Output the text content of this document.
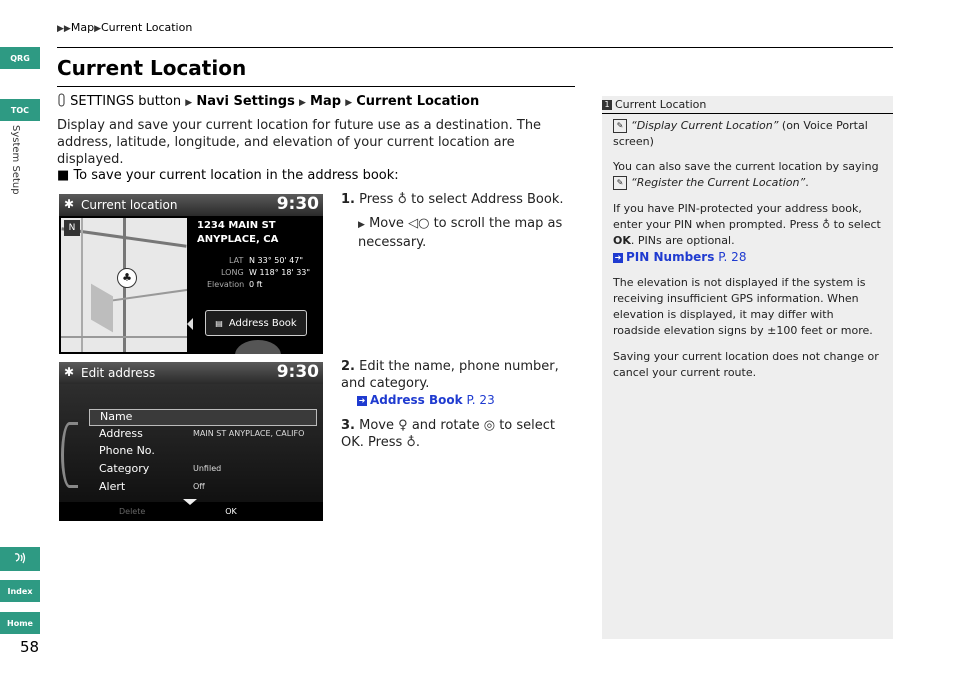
QRG
TOC
System Setup
Index
Home
58
▶▶Map▶Current Location
Current Location
SETTINGS button ▶ Navi Settings ▶ Map ▶ Current Location
Display and save your current location for future use as a destination. The address, latitude, longitude, and elevation of your current location are displayed.
■ To save your current location in the address book:
✱ Current location	9:30
N
♣
1234 MAIN ST
ANYPLACE, CA
LAT N 33° 50' 47"
LONG W 118° 18' 33"
Elevation 0 ft
▤ Address Book
1. Press ♁ to select Address Book.
▶ Move ◁○ to scroll the map as necessary.
✱ Edit address	9:30
Name
Address	MAIN ST ANYPLACE, CALIFO
Phone No.
Category	Unfiled
Alert	Off
Delete	OK
2. Edit the name, phone number, and category.
➜ Address Book P. 23
3. Move ♀ and rotate ◎ to select OK. Press ♁.
1 Current Location
✎ “Display Current Location” (on Voice Portal screen)
You can also save the current location by saying ✎ “Register the Current Location”.
If you have PIN-protected your address book, enter your PIN when prompted. Press ♁ to select OK. PINs are optional.
➜ PIN Numbers P. 28
The elevation is not displayed if the system is receiving insufficient GPS information. When elevation is displayed, it may differ with roadside elevation signs by ±100 feet or more.
Saving your current location does not change or cancel your current route.
